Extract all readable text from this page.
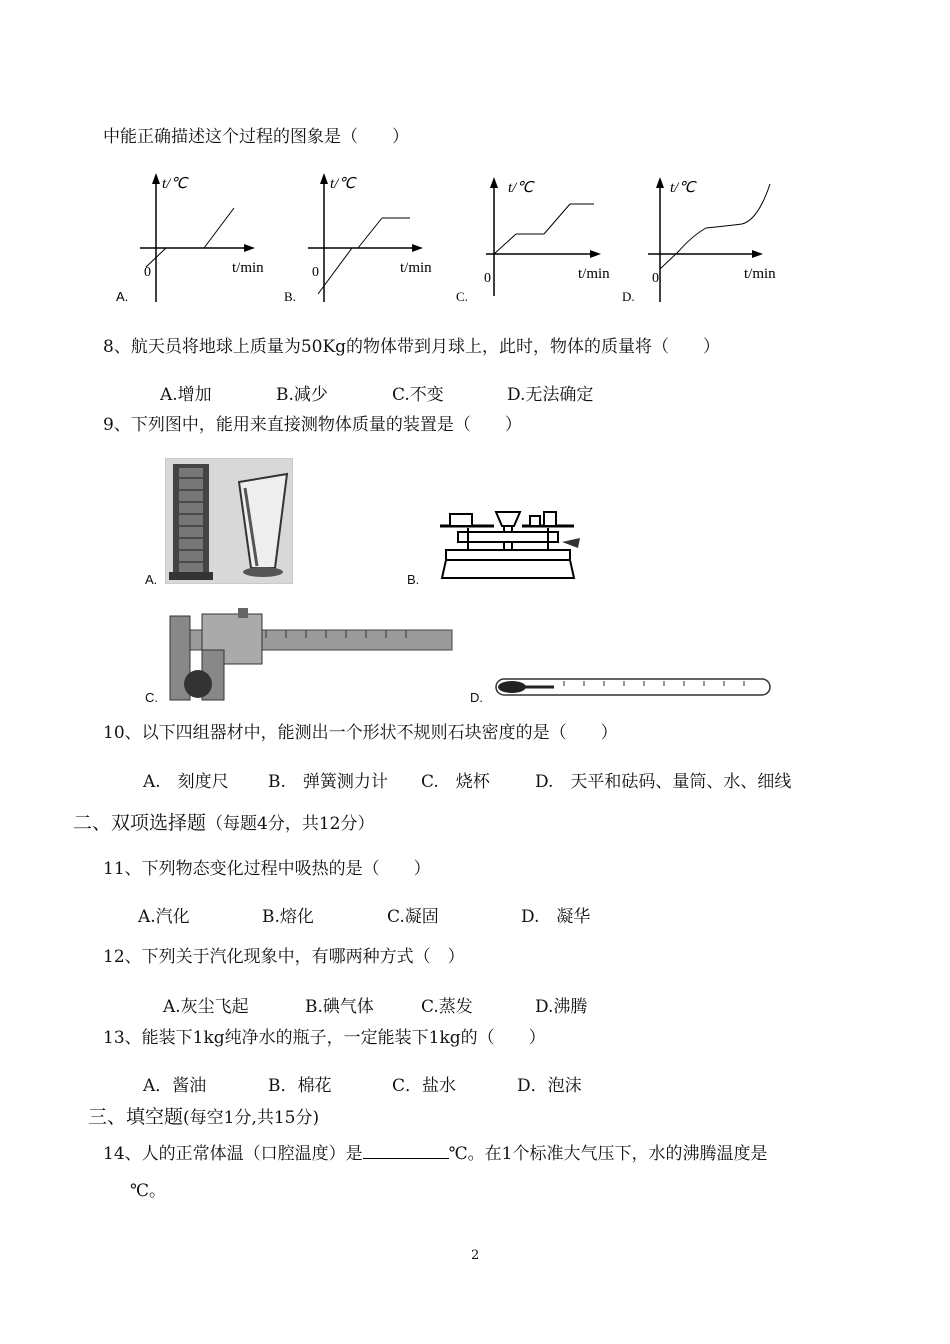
中能正确描述这个过程的图象是（　　）
t/℃
t/min
0
A.
t/℃
t/min
0
B.
t/℃
t/min
0
C.
t/℃
t/min
0
D.
8、航天员将地球上质量为50Kg的物体带到月球上，此时，物体的质量将（　　）
A.增加	B.减少	C.不变	D.无法确定
9、下列图中，能用来直接测物体质量的装置是（　　）
A.	B.
C.	D.
10、以下四组器材中，能测出一个形状不规则石块密度的是（　　）
A.　刻度尺 B.　弹簧测力计 C.　烧杯	D.　天平和砝码、量筒、水、细线
二、双项选择题（每题4分，共12分）
11、下列物态变化过程中吸热的是（　　）
A.汽化	B.熔化	C.凝固	D.　凝华
12、下列关于汽化现象中，有哪两种方式（　）
A.灰尘飞起	B.碘气体	C.蒸发	D.沸腾
13、能装下1kg纯净水的瓶子，一定能装下1kg的（　　）
A．酱油	B．棉花	C．盐水	D．泡沫
三、填空题(每空1分,共15分)
14、人的正常体温（口腔温度）是	℃。在1个标准大气压下，水的沸腾温度是
℃。
2
